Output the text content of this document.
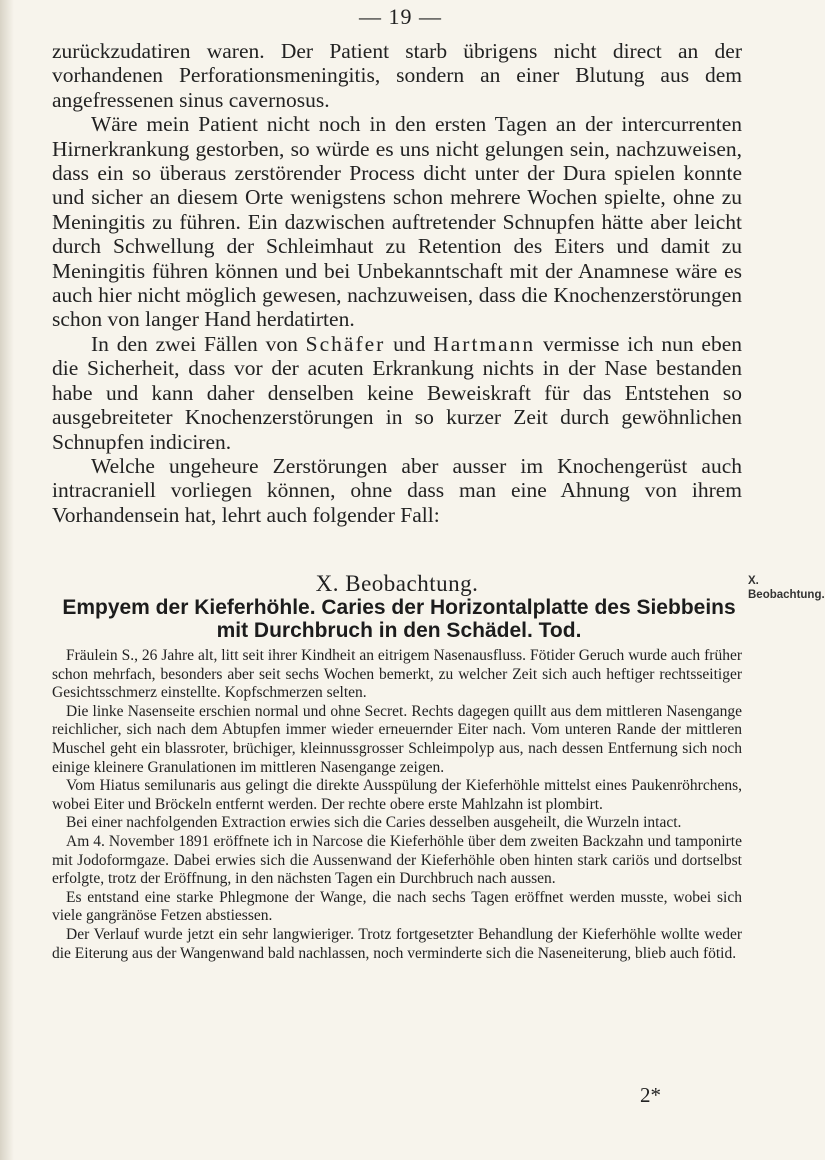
— 19 —

zurückzudatiren waren. Der Patient starb übrigens nicht direct an der vorhandenen Perforationsmeningitis, sondern an einer Blutung aus dem angefressenen sinus cavernosus.

Wäre mein Patient nicht noch in den ersten Tagen an der intercurrenten Hirnerkrankung gestorben, so würde es uns nicht gelungen sein, nachzuweisen, dass ein so überaus zerstörender Process dicht unter der Dura spielen konnte und sicher an diesem Orte wenigstens schon mehrere Wochen spielte, ohne zu Meningitis zu führen. Ein dazwischen auftretender Schnupfen hätte aber leicht durch Schwellung der Schleimhaut zu Retention des Eiters und damit zu Meningitis führen können und bei Unbekanntschaft mit der Anamnese wäre es auch hier nicht möglich gewesen, nachzuweisen, dass die Knochenzerstörungen schon von langer Hand herdatirten.

In den zwei Fällen von Schäfer und Hartmann vermisse ich nun eben die Sicherheit, dass vor der acuten Erkrankung nichts in der Nase bestanden habe und kann daher denselben keine Beweiskraft für das Entstehen so ausgebreiteter Knochenzerstörungen in so kurzer Zeit durch gewöhnlichen Schnupfen indiciren.

Welche ungeheure Zerstörungen aber ausser im Knochengerüst auch intracraniell vorliegen können, ohne dass man eine Ahnung von ihrem Vorhandensein hat, lehrt auch folgender Fall:

X. Beobachtung.	X. Beobachtung.
Empyem der Kieferhöhle. Caries der Horizontalplatte des Siebbeins mit Durchbruch in den Schädel. Tod.

Fräulein S., 26 Jahre alt, litt seit ihrer Kindheit an eitrigem Nasenausfluss. Fötider Geruch wurde auch früher schon mehrfach, besonders aber seit sechs Wochen bemerkt, zu welcher Zeit sich auch heftiger rechtsseitiger Gesichtsschmerz einstellte. Kopfschmerzen selten.

Die linke Nasenseite erschien normal und ohne Secret. Rechts dagegen quillt aus dem mittleren Nasengange reichlicher, sich nach dem Abtupfen immer wieder erneuernder Eiter nach. Vom unteren Rande der mittleren Muschel geht ein blassroter, brüchiger, kleinnussgrosser Schleimpolyp aus, nach dessen Entfernung sich noch einige kleinere Granulationen im mittleren Nasengange zeigen.

Vom Hiatus semilunaris aus gelingt die direkte Ausspülung der Kieferhöhle mittelst eines Paukenröhrchens, wobei Eiter und Bröckeln entfernt werden. Der rechte obere erste Mahlzahn ist plombirt.

Bei einer nachfolgenden Extraction erwies sich die Caries desselben ausgeheilt, die Wurzeln intact.

Am 4. November 1891 eröffnete ich in Narcose die Kieferhöhle über dem zweiten Backzahn und tamponirte mit Jodoformgaze. Dabei erwies sich die Aussenwand der Kieferhöhle oben hinten stark cariös und dortselbst erfolgte, trotz der Eröffnung, in den nächsten Tagen ein Durchbruch nach aussen.

Es entstand eine starke Phlegmone der Wange, die nach sechs Tagen eröffnet werden musste, wobei sich viele gangränöse Fetzen abstiessen.

Der Verlauf wurde jetzt ein sehr langwieriger. Trotz fortgesetzter Behandlung der Kieferhöhle wollte weder die Eiterung aus der Wangenwand bald nachlassen, noch verminderte sich die Naseneiterung, blieb auch fötid.

2*
